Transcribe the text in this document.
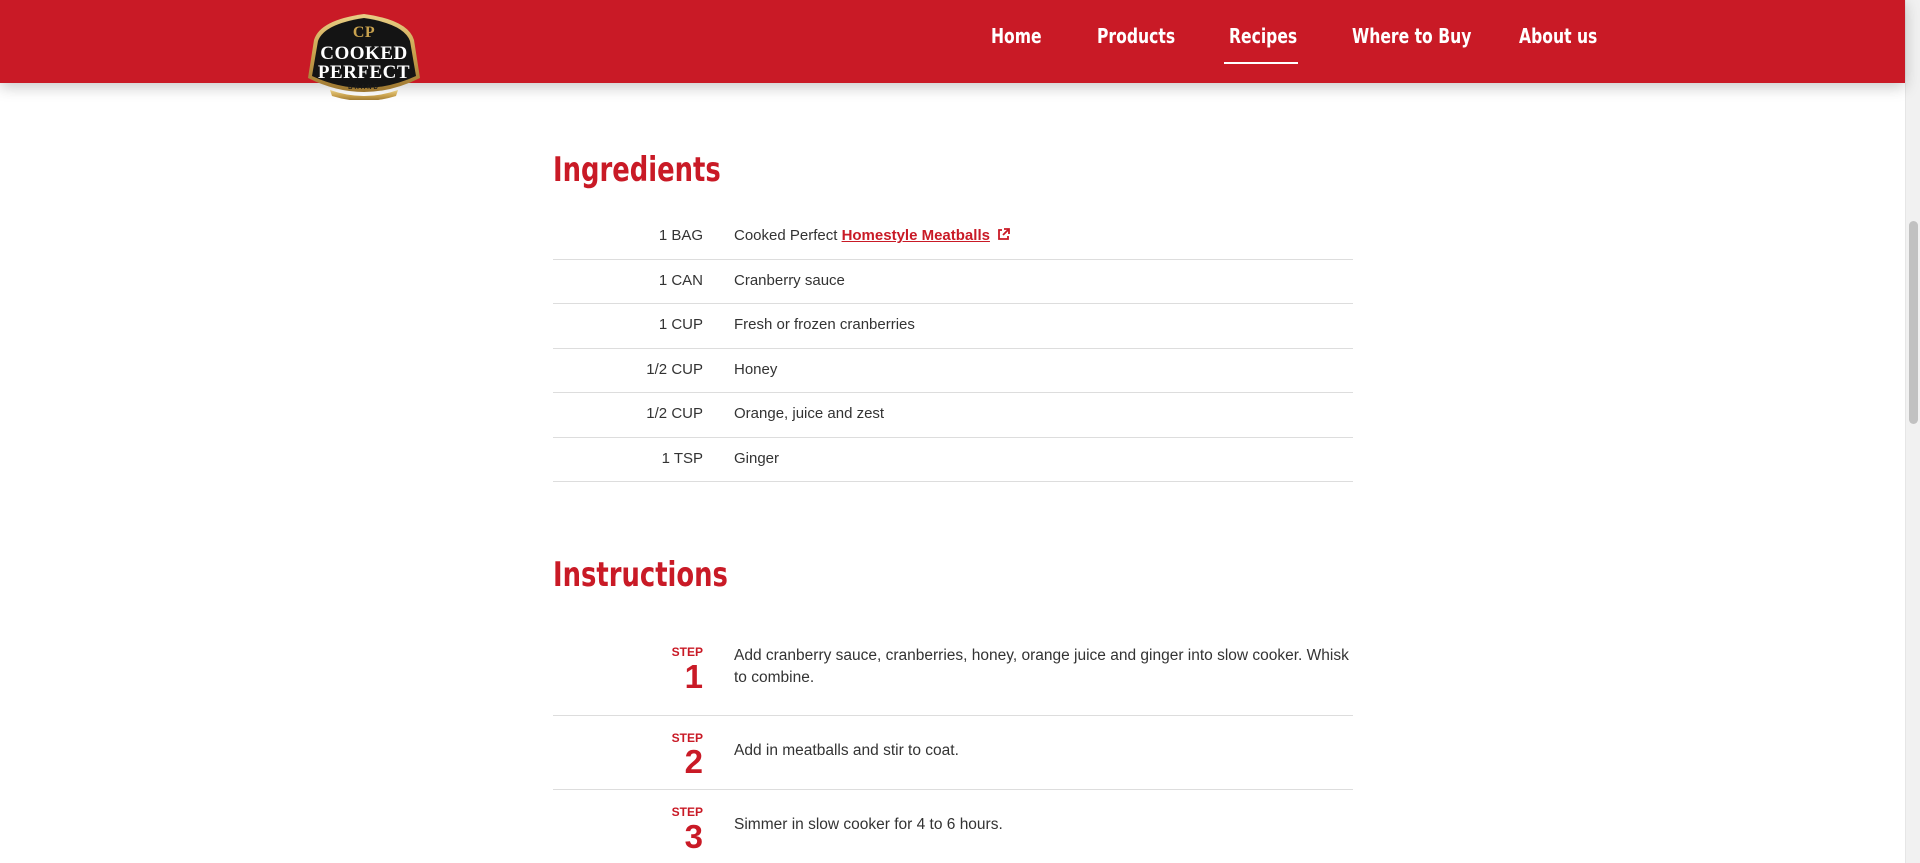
Home	Products	Recipes	Where to Buy About us
CP
COOKED
PERFECT
BRAND
Ingredients
1 BAG Cooked Perfect Homestyle Meatballs
1 CAN Cranberry sauce
1 CUP Fresh or frozen cranberries
1/2 CUP Honey
1/2 CUP Orange, juice and zest
1 TSP Ginger
Instructions
STEP
1
Add cranberry sauce, cranberries, honey, orange juice and ginger into slow cooker. Whisk to combine.
STEP
2 Add in meatballs and stir to coat.
STEP
3 Simmer in slow cooker for 4 to 6 hours.
